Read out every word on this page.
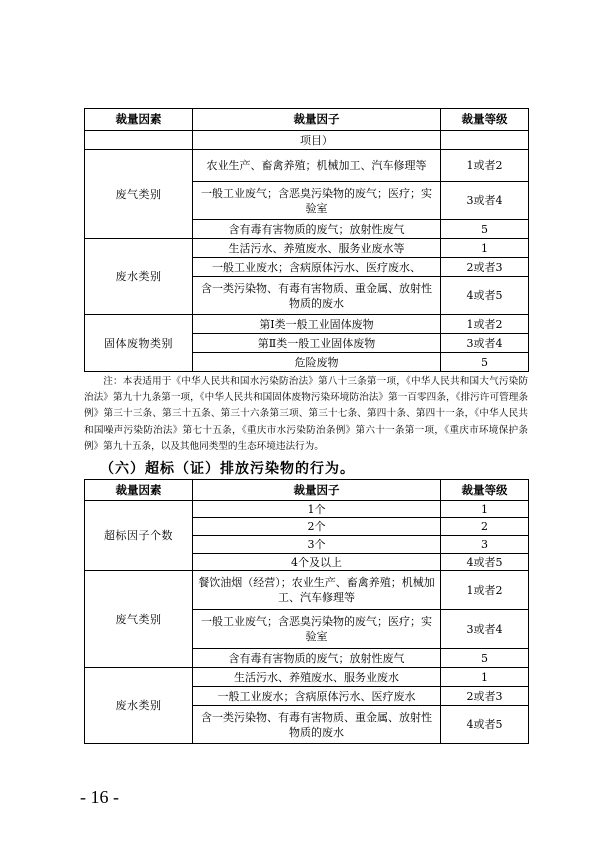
裁量因素	裁量因子	裁量等级
	项目）	
废气类别	农业生产、畜禽养殖；机械加工、汽车修理等	1或者2
	一般工业废气；含恶臭污染物的废气；医疗；实验室	3或者4
	含有毒有害物质的废气；放射性废气	5
废水类别	生活污水、养殖废水、服务业废水等	1
	一般工业废水；含病原体污水、医疗废水、	2或者3
	含一类污染物、有毒有害物质、重金属、放射性物质的废水	4或者5
固体废物类别	第Ⅰ类一般工业固体废物	1或者2
	第Ⅱ类一般工业固体废物	3或者4
	危险废物	5

注：本表适用于《中华人民共和国水污染防治法》第八十三条第一项，《中华人民共和国大气污染防治法》第九十九条第一项，《中华人民共和国固体废物污染环境防治法》第一百零四条，《排污许可管理条例》第三十三条、第三十五条、第三十六条第三项、第三十七条、第四十条、第四十一条，《中华人民共和国噪声污染防治法》第七十五条，《重庆市水污染防治条例》第六十一条第一项，《重庆市环境保护条例》第九十五条，以及其他同类型的生态环境违法行为。

（六）超标（证）排放污染物的行为。
裁量因素	裁量因子	裁量等级
超标因子个数	1个	1
	2个	2
	3个	3
	4个及以上	4或者5
废气类别	餐饮油烟（经营）；农业生产、畜禽养殖；机械加工、汽车修理等	1或者2
	一般工业废气；含恶臭污染物的废气；医疗；实验室	3或者4
	含有毒有害物质的废气；放射性废气	5
废水类别	生活污水、养殖废水、服务业废水	1
	一般工业废水；含病原体污水、医疗废水	2或者3
	含一类污染物、有毒有害物质、重金属、放射性物质的废水	4或者5
- 16 -
